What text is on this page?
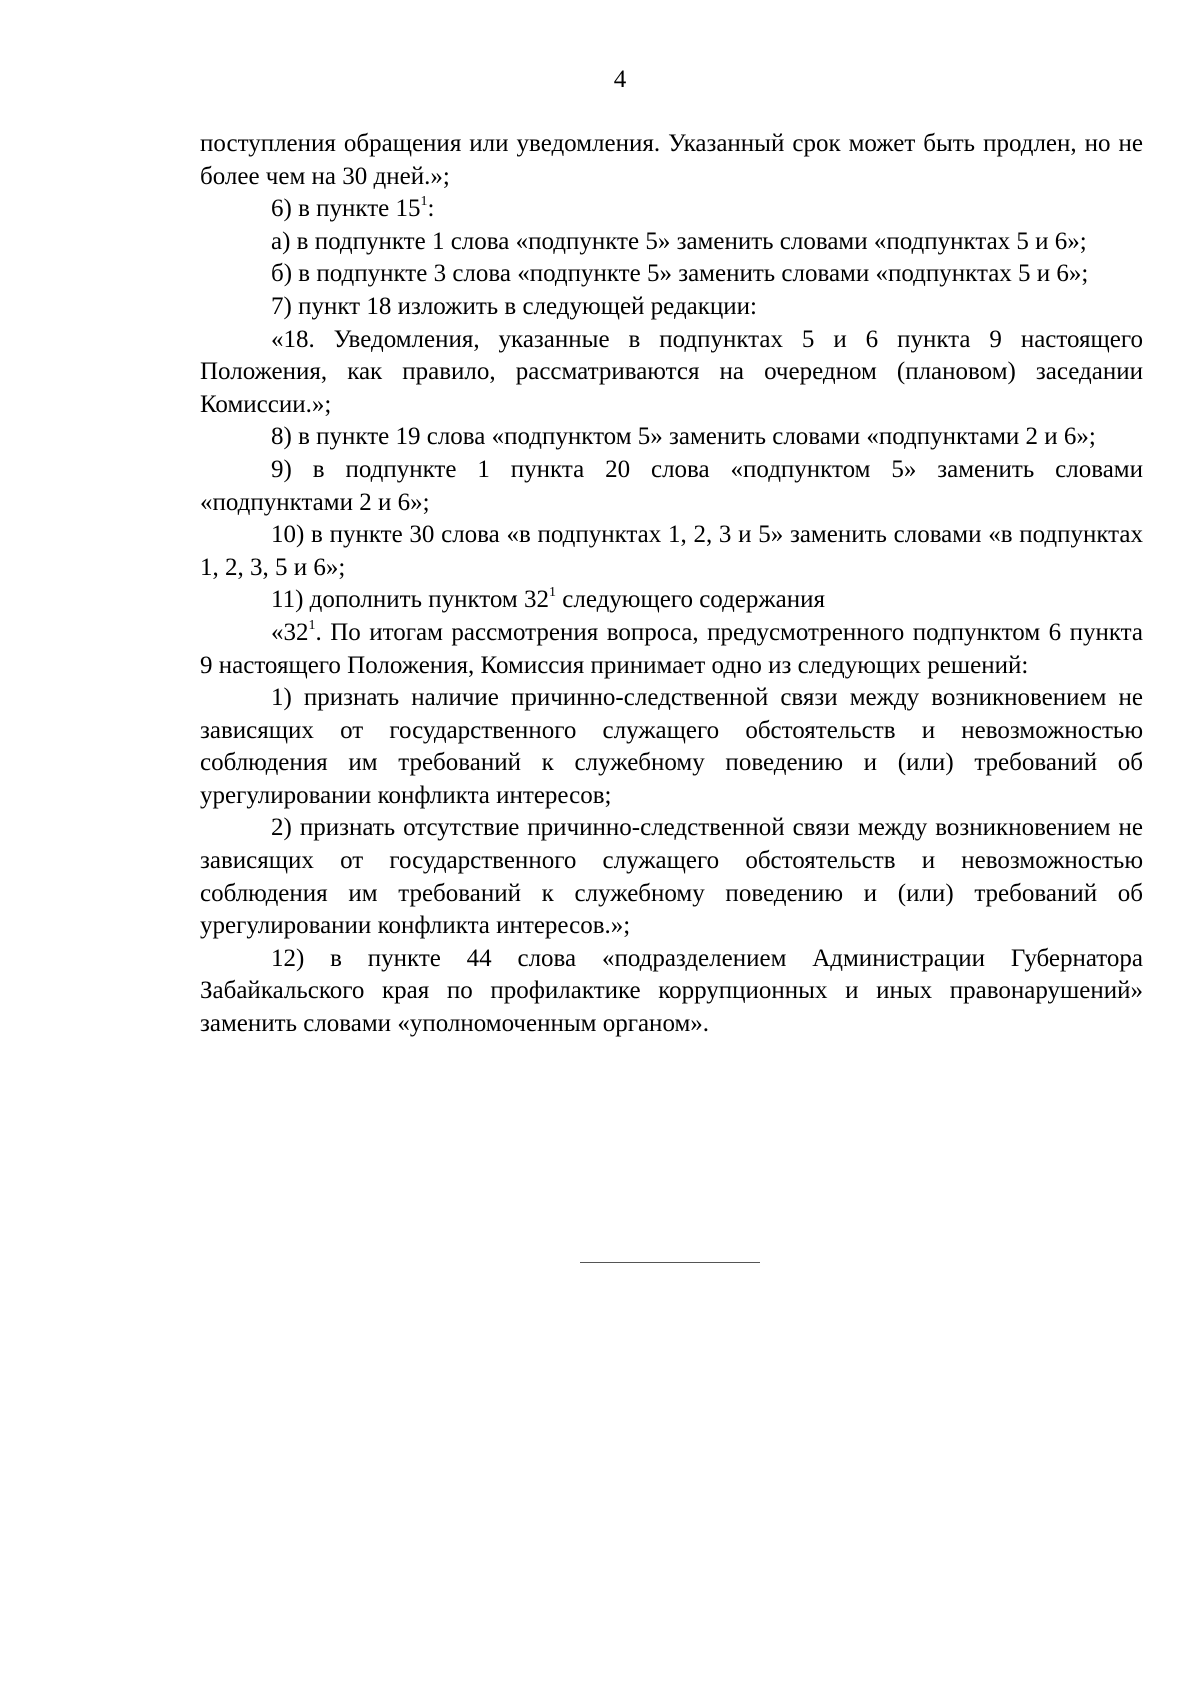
4

поступления обращения или уведомления. Указанный срок может быть продлен, но не более чем на 30 дней.»;

6) в пункте $15^1$:

а) в подпункте 1 слова «подпункте 5» заменить словами «подпунктах 5 и 6»;

б) в подпункте 3 слова «подпункте 5» заменить словами «подпунктах 5 и 6»;

7) пункт 18 изложить в следующей редакции:

«18. Уведомления, указанные в подпунктах 5 и 6 пункта 9 настоящего Положения, как правило, рассматриваются на очередном (плановом) заседании Комиссии.»;

8) в пункте 19 слова «подпунктом 5» заменить словами «подпунктами 2 и 6»;

9) в подпункте 1 пункта 20 слова «подпунктом 5» заменить словами «подпунктами 2 и 6»;

10) в пункте 30 слова «в подпунктах 1, 2, 3 и 5» заменить словами «в подпунктах 1, 2, 3, 5 и 6»;

11) дополнить пунктом $32^1$ следующего содержания

«$32^1$. По итогам рассмотрения вопроса, предусмотренного подпунктом 6 пункта 9 настоящего Положения, Комиссия принимает одно из следующих решений:

1) признать наличие причинно-следственной связи между возникновением не зависящих от государственного служащего обстоятельств и невозможностью соблюдения им требований к служебному поведению и (или) требований об урегулировании конфликта интересов;

2) признать отсутствие причинно-следственной связи между возникновением не зависящих от государственного служащего обстоятельств и невозможностью соблюдения им требований к служебному поведению и (или) требований об урегулировании конфликта интересов.»;

12) в пункте 44 слова «подразделением Администрации Губернатора Забайкальского края по профилактике коррупционных и иных правонарушений» заменить словами «уполномоченным органом».
